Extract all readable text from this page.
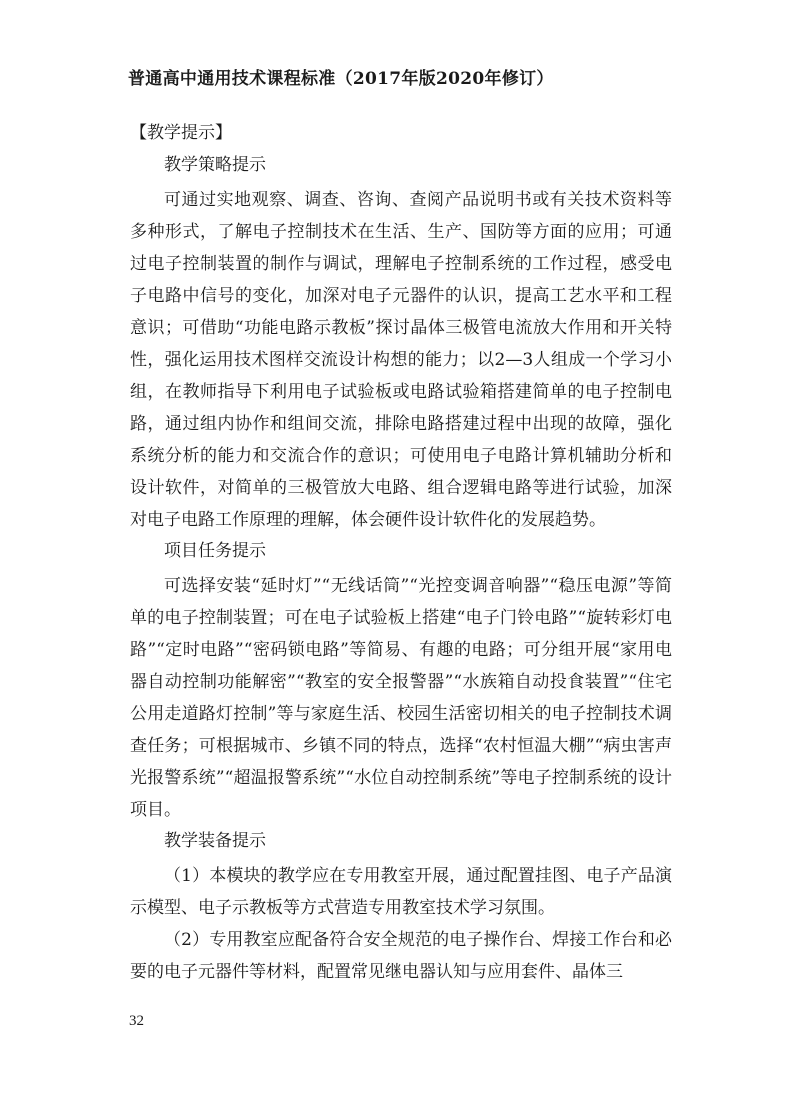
普通高中通用技术课程标准（2017年版2020年修订）
【教学提示】
教学策略提示

可通过实地观察、调查、咨询、查阅产品说明书或有关技术资料等多种形式，了解电子控制技术在生活、生产、国防等方面的应用；可通过电子控制装置的制作与调试，理解电子控制系统的工作过程，感受电子电路中信号的变化，加深对电子元器件的认识，提高工艺水平和工程意识；可借助“功能电路示教板”探讨晶体三极管电流放大作用和开关特性，强化运用技术图样交流设计构想的能力；以2—3人组成一个学习小组，在教师指导下利用电子试验板或电路试验箱搭建简单的电子控制电路，通过组内协作和组间交流，排除电路搭建过程中出现的故障，强化系统分析的能力和交流合作的意识；可使用电子电路计算机辅助分析和设计软件，对简单的三极管放大电路、组合逻辑电路等进行试验，加深对电子电路工作原理的理解，体会硬件设计软件化的发展趋势。

项目任务提示

可选择安装“延时灯”“无线话筒”“光控变调音响器”“稳压电源”等简单的电子控制装置；可在电子试验板上搭建“电子门铃电路”“旋转彩灯电路”“定时电路”“密码锁电路”等简易、有趣的电路；可分组开展“家用电器自动控制功能解密”“教室的安全报警器”“水族箱自动投食装置”“住宅公用走道路灯控制”等与家庭生活、校园生活密切相关的电子控制技术调查任务；可根据城市、乡镇不同的特点，选择“农村恒温大棚”“病虫害声光报警系统”“超温报警系统”“水位自动控制系统”等电子控制系统的设计项目。

教学装备提示

（1）本模块的教学应在专用教室开展，通过配置挂图、电子产品演示模型、电子示教板等方式营造专用教室技术学习氛围。

（2）专用教室应配备符合安全规范的电子操作台、焊接工作台和必要的电子元器件等材料，配置常见继电器认知与应用套件、晶体三

32
